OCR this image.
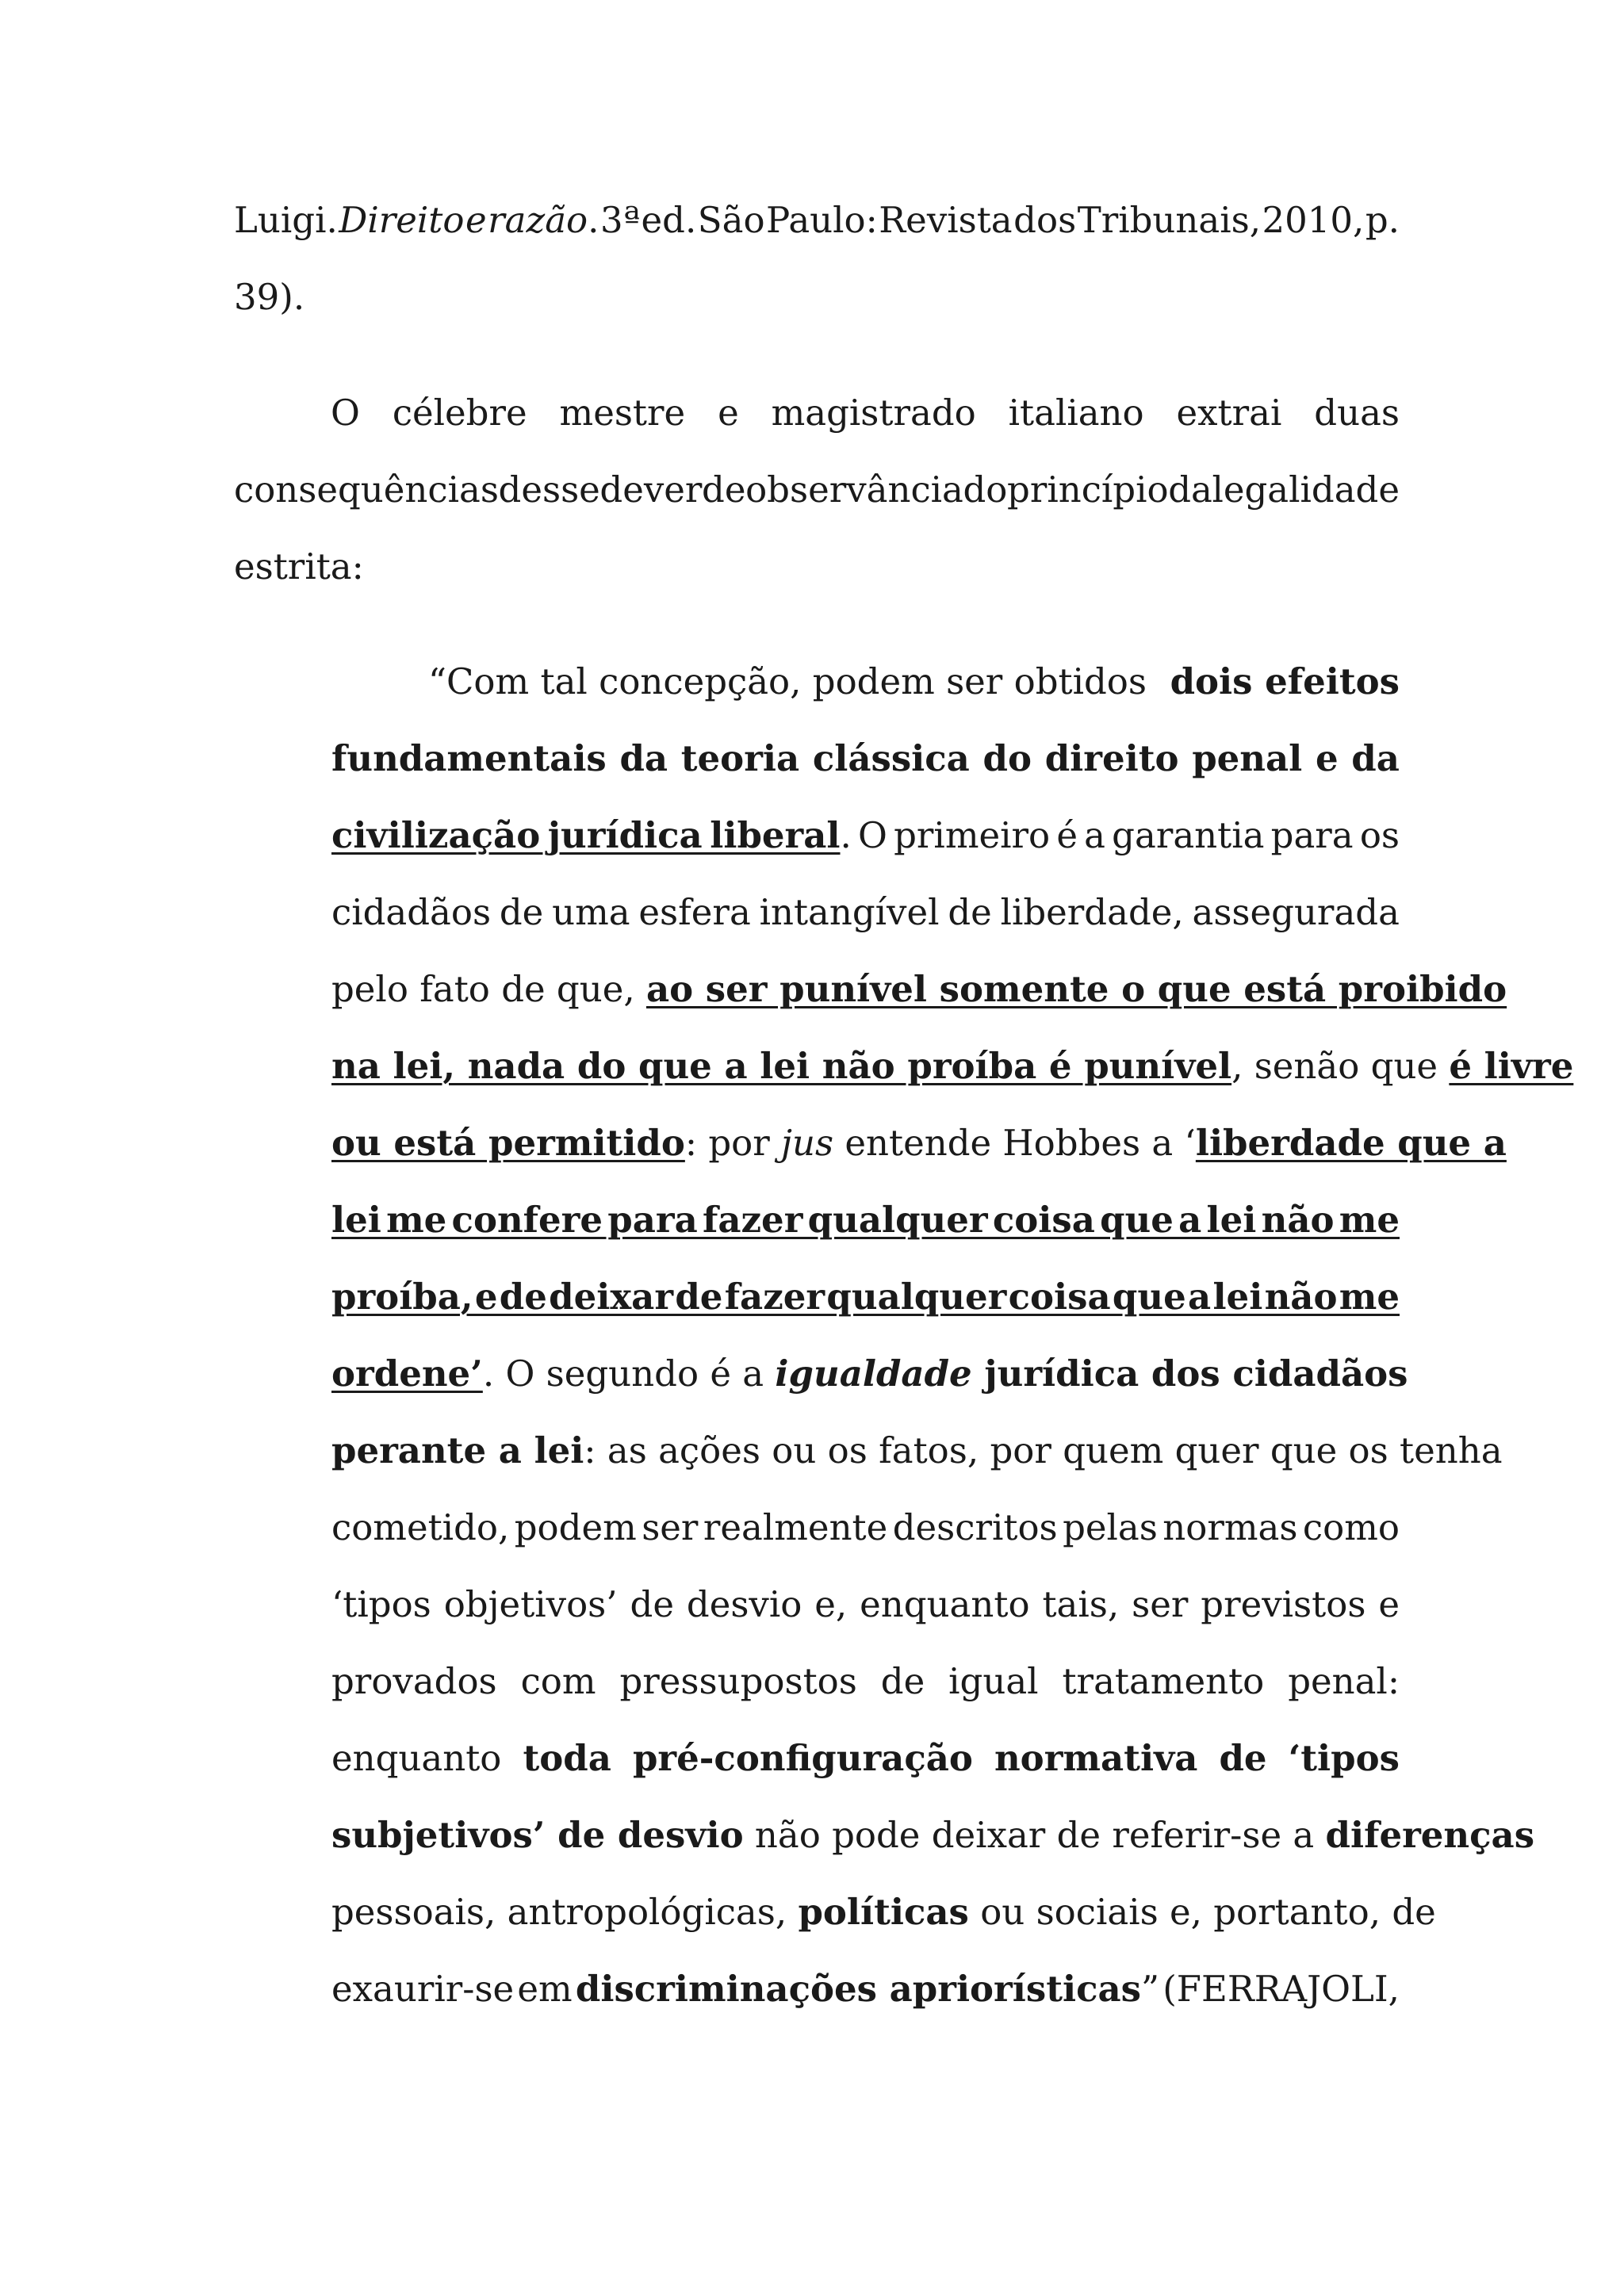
Luigi. Direito e razão. 3ª ed. São Paulo: Revista dos Tribunais, 2010, p.
39).
O célebre mestre e magistrado italiano extrai duas
consequências desse dever de observância do princípio da legalidade
estrita:
“Com tal concepção, podem ser obtidos dois efeitos
fundamentais da teoria clássica do direito penal e da
civilização jurídica liberal. O primeiro é a garantia para os
cidadãos de uma esfera intangível de liberdade, assegurada
pelo fato de que, ao ser punível somente o que está proibido
na lei, nada do que a lei não proíba é punível, senão que é livre
ou está permitido: por jus entende Hobbes a ‘ liberdade que a
lei me confere para fazer qualquer coisa que a lei não me
proíba, e de deixar de fazer qualquer coisa que a lei não me
ordene’. O segundo é a igualdade jurídica dos cidadãos
perante a lei : as ações ou os fatos, por quem quer que os tenha
cometido, podem ser realmente descritos pelas normas como
‘tipos objetivos’ de desvio e, enquanto tais, ser previstos e
provados com pressupostos de igual tratamento penal:
enquanto toda pré-configuração normativa de ‘tipos
subjetivos’ de desvio não pode deixar de referir-se a diferenças
pessoais, antropológicas, políticas ou sociais e, portanto, de
exaurir-se em discriminações apriorísticas” (FERRAJOLI,
